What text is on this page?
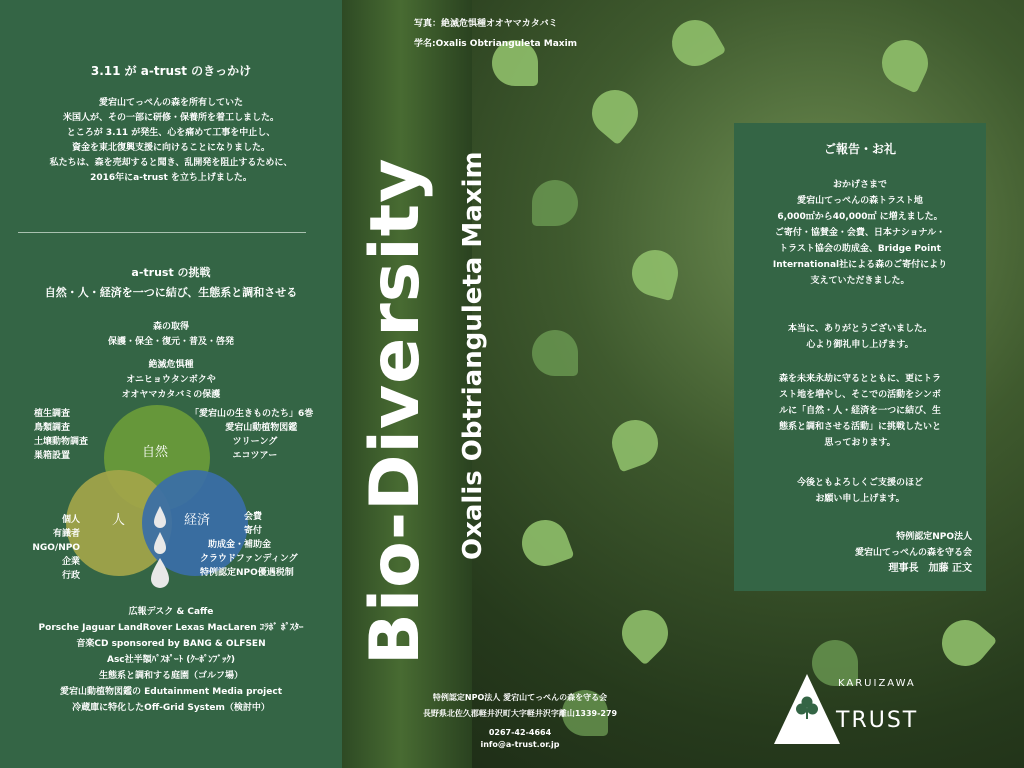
3.11 が a-trust のきっかけ
愛宕山てっぺんの森を所有していた
米国人が、その一部に研修・保養所を着工しました。
ところが 3.11 が発生、心を痛めて工事を中止し、
資金を東北復興支援に向けることになりました。
私たちは、森を売却すると聞き、乱開発を阻止するために、
2016年にa-trust を立ち上げました。
a-trust の挑戦
自然・人・経済を一つに結び、生態系と調和させる
森の取得
保護・保全・復元・普及・啓発
絶滅危惧種
オニヒョウタンボクや
オオヤマカタバミの保護
自然
人	経済
植生調査
鳥類調査
土壌動物調査
巣箱設置
「愛宕山の生きものたち」6巻
愛宕山動植物図鑑
ツリーング
エコツアー
個人
有識者
NGO/NPO
企業
行政
会費
寄付
助成金・補助金
クラウドファンディング
特例認定NPO優遇税制
広報デスク & Caffe
Porsche Jaguar LandRover Lexas MacLaren ｺﾗﾎﾞ ﾎﾟｽﾀｰ
音楽CD sponsored by BANG & OLFSEN
Asc社半額ﾊﾟｽﾎﾟｰﾄ (ｸｰﾎﾟﾝﾌﾞｯｸ)
生態系と調和する庭園（ゴルフ場）
愛宕山動植物図鑑の Edutainment Media project
冷蔵庫に特化したOff-Grid System（検討中）
写真：絶滅危惧種オオヤマカタバミ
学名:Oxalis Obtrianguleta Maxim
Bio-Diversity Oxalis Obtrianguleta Maxim
ご報告・お礼
おかげさまで
愛宕山てっぺんの森トラスト地
6,000㎡から40,000㎡ に増えました。
ご寄付・協賛金・会費、日本ナショナル・
トラスト協会の助成金、Bridge Point
International社による森のご寄付により
支えていただきました。
本当に、ありがとうございました。
心より御礼申し上げます。
森を未来永劫に守るとともに、更にトラ
スト地を増やし、そこでの活動をシンボ
ルに「自然・人・経済を一つに結び、生
態系と調和させる活動」に挑戦したいと
思っております。
今後ともよろしくご支援のほど
お願い申し上げます。
特例認定NPO法人
愛宕山てっぺんの森を守る会
理事長　加藤 正文
特例認定NPO法人 愛宕山てっぺんの森を守る会
長野県北佐久郡軽井沢町大字軽井沢字離山1339-279
0267-42-4664
info@a-trust.or.jp
KARUIZAWA
TRUST
